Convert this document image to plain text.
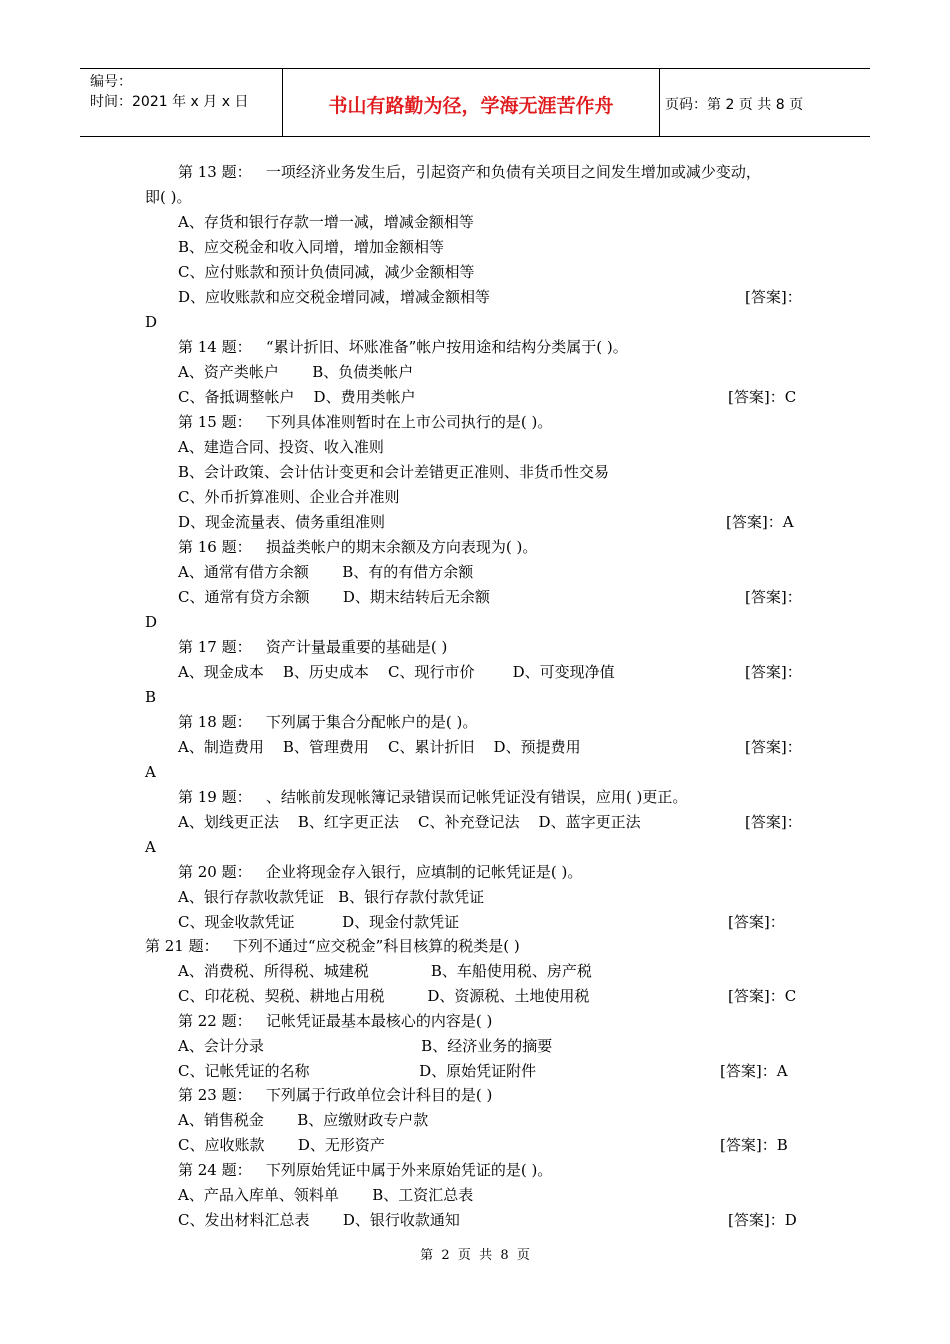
编号：
时间：2021 年 x 月 x 日	书山有路勤为径，学海无涯苦作舟	页码：第 2 页 共 8 页
第 13 题：   一项经济业务发生后，引起资产和负债有关项目之间发生增加或减少变动，
即( )。
A、存货和银行存款一增一减，增减金额相等
B、应交税金和收入同增，增加金额相等
C、应付账款和预计负债同减，减少金额相等
D、应收账款和应交税金增同减，增减金额相等	[答案]：
D
第 14 题：   “累计折旧、坏账准备”帐户按用途和结构分类属于( )。
A、资产类帐户       B、负债类帐户
C、备抵调整帐户    D、费用类帐户	[答案]：C
第 15 题：   下列具体准则暂时在上市公司执行的是( )。
A、建造合同、投资、收入准则
B、会计政策、会计估计变更和会计差错更正准则、非货币性交易
C、外币折算准则、企业合并准则
D、现金流量表、债务重组准则	[答案]：A
第 16 题：   损益类帐户的期末余额及方向表现为( )。
A、通常有借方余额       B、有的有借方余额
C、通常有贷方余额       D、期末结转后无余额	[答案]：
D
第 17 题：   资产计量最重要的基础是( )
A、现金成本    B、历史成本    C、现行市价        D、可变现净值	[答案]：
B
第 18 题：   下列属于集合分配帐户的是( )。
A、制造费用    B、管理费用    C、累计折旧    D、预提费用	[答案]：
A
第 19 题：   、结帐前发现帐簿记录错误而记帐凭证没有错误，应用( )更正。
A、划线更正法    B、红字更正法    C、补充登记法    D、蓝字更正法	[答案]：
A
第 20 题：   企业将现金存入银行，应填制的记帐凭证是( )。
A、银行存款收款凭证   B、银行存款付款凭证
C、现金收款凭证          D、现金付款凭证	[答案]：
第 21 题：   下列不通过“应交税金”科目核算的税类是( )
A、消费税、所得税、城建税             B、车船使用税、房产税
C、印花税、契税、耕地占用税         D、资源税、土地使用税	[答案]：C
第 22 题：   记帐凭证最基本最核心的内容是( )
A、会计分录                                 B、经济业务的摘要
C、记帐凭证的名称                       D、原始凭证附件	[答案]：A
第 23 题：   下列属于行政单位会计科目的是( )
A、销售税金       B、应缴财政专户款
C、应收账款       D、无形资产	[答案]：B
第 24 题：   下列原始凭证中属于外来原始凭证的是( )。
A、产品入库单、领料单       B、工资汇总表
C、发出材料汇总表       D、银行收款通知	[答案]：D
第  2  页  共  8  页
